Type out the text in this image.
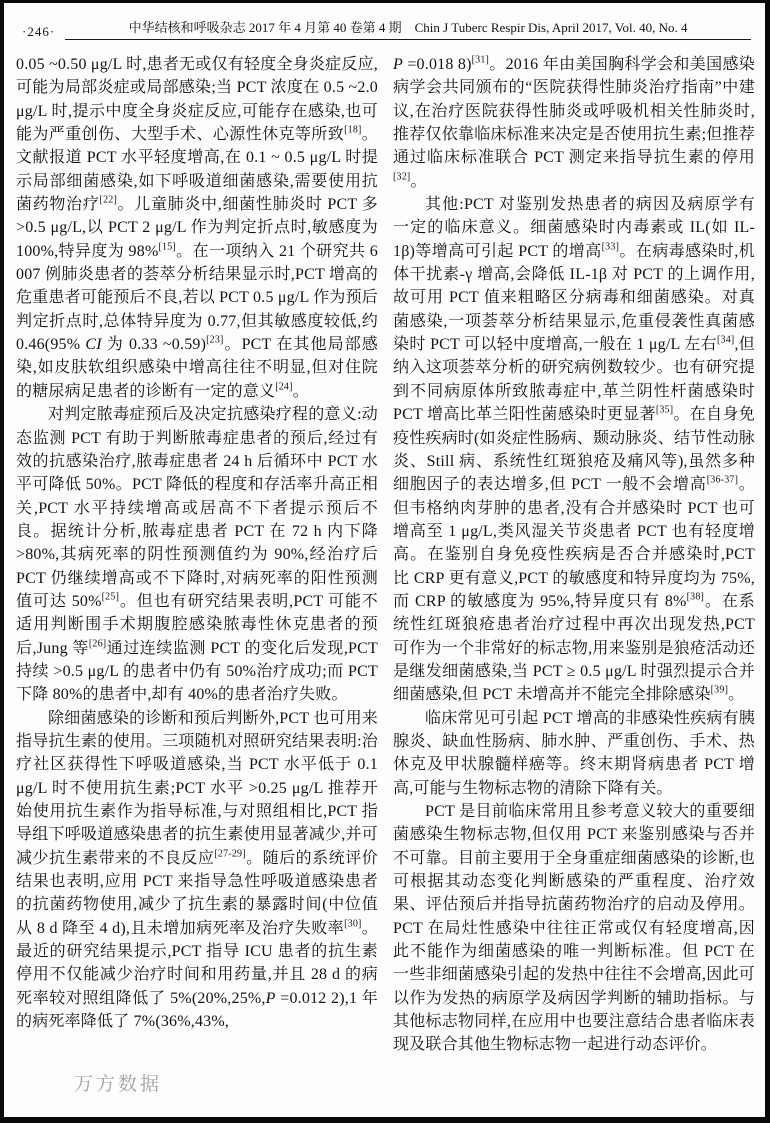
·246·	中华结核和呼吸杂志 2017 年 4 月第 40 卷第 4 期　Chin J Tuberc Respir Dis, April 2017, Vol. 40, No. 4

0.05 ~0.50 μg/L 时,患者无或仅有轻度全身炎症反应,可能为局部炎症或局部感染;当 PCT 浓度在 0.5 ~2.0 μg/L 时,提示中度全身炎症反应,可能存在感染,也可能为严重创伤、大型手术、心源性休克等所致[18]。文献报道 PCT 水平轻度增高,在 0.1 ~ 0.5 μg/L 时提示局部细菌感染,如下呼吸道细菌感染,需要使用抗菌药物治疗[22]。儿童肺炎中,细菌性肺炎时 PCT 多 >0.5 μg/L,以 PCT 2 μg/L 作为判定折点时,敏感度为 100%,特异度为 98%[15]。在一项纳入 21 个研究共 6 007 例肺炎患者的荟萃分析结果显示时,PCT 增高的危重患者可能预后不良,若以 PCT 0.5 μg/L 作为预后判定折点时,总体特异度为 0.77,但其敏感度较低,约 0.46(95% CI 为 0.33 ~0.59)[23]。PCT 在其他局部感染,如皮肤软组织感染中增高往往不明显,但对住院的糖尿病足患者的诊断有一定的意义[24]。

对判定脓毒症预后及决定抗感染疗程的意义:动态监测 PCT 有助于判断脓毒症患者的预后,经过有效的抗感染治疗,脓毒症患者 24 h 后循环中 PCT 水平可降低 50%。PCT 降低的程度和存活率升高正相关,PCT 水平持续增高或居高不下者提示预后不良。据统计分析,脓毒症患者 PCT 在 72 h 内下降 >80%,其病死率的阴性预测值约为 90%,经治疗后 PCT 仍继续增高或不下降时,对病死率的阳性预测值可达 50%[25]。但也有研究结果表明,PCT 可能不适用判断围手术期腹腔感染脓毒性休克患者的预后,Jung 等[26]通过连续监测 PCT 的变化后发现,PCT 持续 >0.5 μg/L 的患者中仍有 50%治疗成功;而 PCT 下降 80%的患者中,却有 40%的患者治疗失败。

除细菌感染的诊断和预后判断外,PCT 也可用来指导抗生素的使用。三项随机对照研究结果表明:治疗社区获得性下呼吸道感染,当 PCT 水平低于 0.1 μg/L 时不使用抗生素;PCT 水平 >0.25 μg/L 推荐开始使用抗生素作为指导标准,与对照组相比,PCT 指导组下呼吸道感染患者的抗生素使用显著减少,并可减少抗生素带来的不良反应[27-29]。随后的系统评价结果也表明,应用 PCT 来指导急性呼吸道感染患者的抗菌药物使用,减少了抗生素的暴露时间(中位值从 8 d 降至 4 d),且未增加病死率及治疗失败率[30]。最近的研究结果提示,PCT 指导 ICU 患者的抗生素停用不仅能减少治疗时间和用药量,并且 28 d 的病死率较对照组降低了 5%(20%,25%,P =0.012 2),1 年的病死率降低了 7%(36%,43%,

P =0.018 8)[31]。2016 年由美国胸科学会和美国感染病学会共同颁布的“医院获得性肺炎治疗指南”中建议,在治疗医院获得性肺炎或呼吸机相关性肺炎时,推荐仅依靠临床标准来决定是否使用抗生素;但推荐通过临床标准联合 PCT 测定来指导抗生素的停用[32]。

其他:PCT 对鉴别发热患者的病因及病原学有一定的临床意义。细菌感染时内毒素或 IL(如 IL-1β)等增高可引起 PCT 的增高[33]。在病毒感染时,机体干扰素-γ 增高,会降低 IL-1β 对 PCT 的上调作用,故可用 PCT 值来粗略区分病毒和细菌感染。对真菌感染,一项荟萃分析结果显示,危重侵袭性真菌感染时 PCT 可以轻中度增高,一般在 1 μg/L 左右[34],但纳入这项荟萃分析的研究病例数较少。也有研究提到不同病原体所致脓毒症中,革兰阴性杆菌感染时 PCT 增高比革兰阳性菌感染时更显著[35]。在自身免疫性疾病时(如炎症性肠病、颞动脉炎、结节性动脉炎、Still 病、系统性红斑狼疮及痛风等),虽然多种细胞因子的表达增多,但 PCT 一般不会增高[36-37]。但韦格纳肉芽肿的患者,没有合并感染时 PCT 也可增高至 1 μg/L,类风湿关节炎患者 PCT 也有轻度增高。在鉴别自身免疫性疾病是否合并感染时,PCT 比 CRP 更有意义,PCT 的敏感度和特异度均为 75%,而 CRP 的敏感度为 95%,特异度只有 8%[38]。在系统性红斑狼疮患者治疗过程中再次出现发热,PCT 可作为一个非常好的标志物,用来鉴别是狼疮活动还是继发细菌感染,当 PCT ≥ 0.5 μg/L 时强烈提示合并细菌感染,但 PCT 未增高并不能完全排除感染[39]。

临床常见可引起 PCT 增高的非感染性疾病有胰腺炎、缺血性肠病、肺水肿、严重创伤、手术、热休克及甲状腺髓样癌等。终末期肾病患者 PCT 增高,可能与生物标志物的清除下降有关。

PCT 是目前临床常用且参考意义较大的重要细菌感染生物标志物,但仅用 PCT 来鉴别感染与否并不可靠。目前主要用于全身重症细菌感染的诊断,也可根据其动态变化判断感染的严重程度、治疗效果、评估预后并指导抗菌药物治疗的启动及停用。PCT 在局灶性感染中往往正常或仅有轻度增高,因此不能作为细菌感染的唯一判断标准。但 PCT 在一些非细菌感染引起的发热中往往不会增高,因此可以作为发热的病原学及病因学判断的辅助指标。与其他标志物同样,在应用中也要注意结合患者临床表现及联合其他生物标志物一起进行动态评价。

万方数据
